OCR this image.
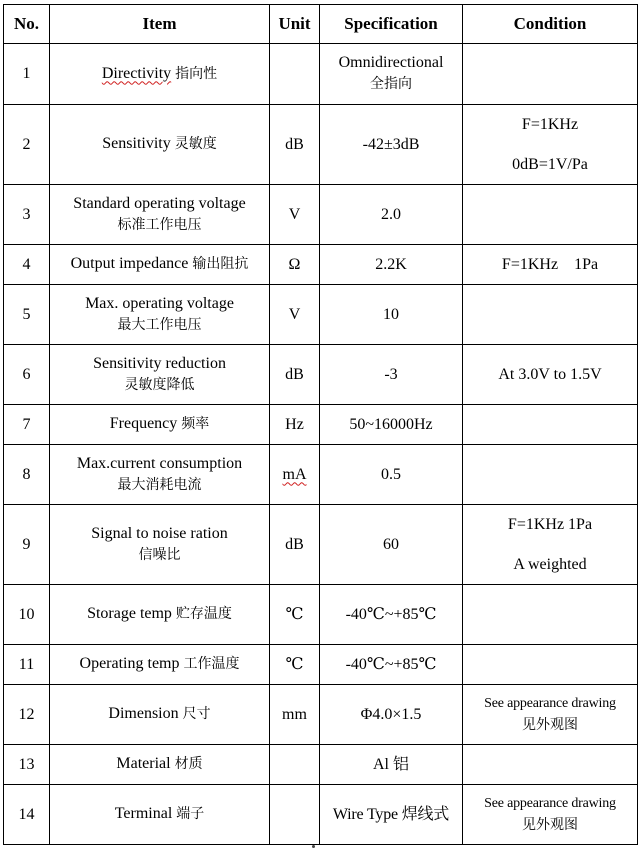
No.	Item	Unit	Specification	Condition
1	Directivity 指向性		Omnidirectional
全指向	

2	Sensitivity 灵敏度	dB	-42±3dB	F=1KHz
0dB=1V/Pa

3	Standard operating voltage
标准工作电压	V	2.0	
4	Output impedance 输出阻抗	Ω	2.2K	F=1KHz 1Pa
5	Max. operating voltage
最大工作电压	V	10	
6	Sensitivity reduction
灵敏度降低	dB	-3	At 3.0V to 1.5V
7	Frequency 频率	Hz	50~16000Hz	
8	Max.current consumption
最大消耗电流	mA	0.5	
9	Signal to noise ration
信噪比	dB	60	F=1KHz 1Pa
A weighted

10	Storage temp 贮存温度	℃	-40℃~+85℃	
11	Operating temp 工作温度	℃	-40℃~+85℃	
12	Dimension 尺寸	mm	Φ4.0×1.5	See appearance drawing
见外观图

13	Material 材质		Al 铝	
14	Terminal 端子		Wire Type 焊线式	See appearance drawing
见外观图
